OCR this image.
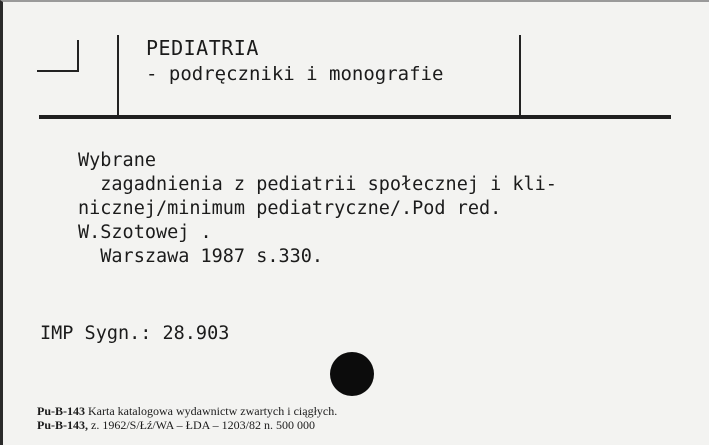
PEDIATRIA
- podręczniki i monografie
Wybrane
zagadnienia z pediatrii społecznej i kli-
nicznej/minimum pediatryczne/.Pod red.
W.Szotowej .
Warszawa 1987 s.330.
IMP Sygn.: 28.903
Pu-B-143 Karta katalogowa wydawnictw zwartych i ciągłych.
Pu-B-143, z. 1962/S/Łź/WA – ŁDA – 1203/82 n. 500 000
